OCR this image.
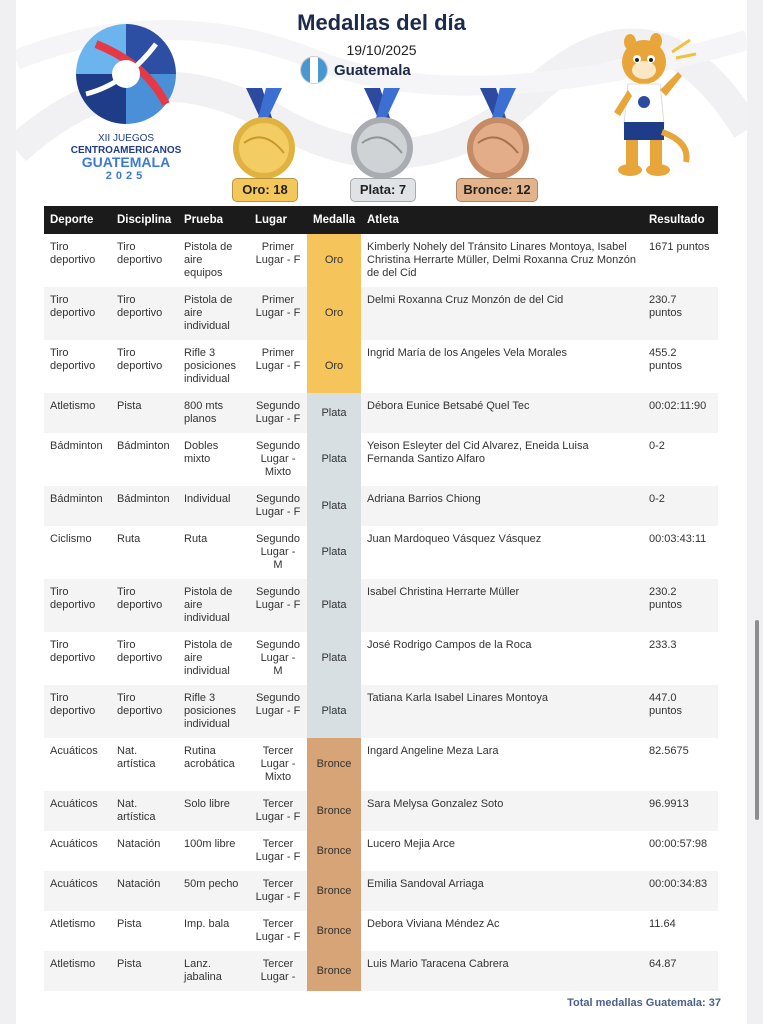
XII JUEGOS
CENTROAMERICANOS
GUATEMALA
2025
Medallas del día
19/10/2025
Guatemala
Oro: 18	Plata: 7	Bronce: 12
Deporte	Disciplina	Prueba	Lugar	Medalla	Atleta	Resultado
Tiro deportivo	Tiro deportivo	Pistola de aire equipos	Primer Lugar - F	Oro	Kimberly Nohely del Tránsito Linares Montoya, Isabel Christina Herrarte Müller, Delmi Roxanna Cruz Monzón de del Cid	1671 puntos
Tiro deportivo	Tiro deportivo	Pistola de aire individual	Primer Lugar - F	Oro	Delmi Roxanna Cruz Monzón de del Cid	230.7 puntos
Tiro deportivo	Tiro deportivo	Rifle 3 posiciones individual	Primer Lugar - F	Oro	Ingrid María de los Angeles Vela Morales	455.2 puntos
Atletismo	Pista	800 mts planos	Segundo Lugar - F	Plata	Débora Eunice Betsabé Quel Tec	00:02:11:90
Bádminton	Bádminton	Dobles mixto	Segundo Lugar - Mixto	Plata	Yeison Esleyter del Cid Alvarez, Eneida Luisa Fernanda Santizo Alfaro	0-2
Bádminton	Bádminton	Individual	Segundo Lugar - F	Plata	Adriana Barrios Chiong	0-2
Ciclismo	Ruta	Ruta	Segundo Lugar - M	Plata	Juan Mardoqueo Vásquez Vásquez	00:03:43:11
Tiro deportivo	Tiro deportivo	Pistola de aire individual	Segundo Lugar - F	Plata	Isabel Christina Herrarte Müller	230.2 puntos
Tiro deportivo	Tiro deportivo	Pistola de aire individual	Segundo Lugar - M	Plata	José Rodrigo Campos de la Roca	233.3
Tiro deportivo	Tiro deportivo	Rifle 3 posiciones individual	Segundo Lugar - F	Plata	Tatiana Karla Isabel Linares Montoya	447.0 puntos
Acuáticos	Nat. artística	Rutina acrobática	Tercer Lugar - Mixto	Bronce	Ingard Angeline Meza Lara	82.5675
Acuáticos	Nat. artística	Solo libre	Tercer Lugar - F	Bronce	Sara Melysa Gonzalez Soto	96.9913
Acuáticos	Natación	100m libre	Tercer Lugar - F	Bronce	Lucero Mejia Arce	00:00:57:98
Acuáticos	Natación	50m pecho	Tercer Lugar - F	Bronce	Emilia Sandoval Arriaga	00:00:34:83
Atletismo	Pista	Imp. bala	Tercer Lugar - F	Bronce	Debora Viviana Méndez Ac	11.64
Atletismo	Pista	Lanz. jabalina	Tercer Lugar -	Bronce	Luis Mario Taracena Cabrera	64.87
Total medallas Guatemala: 37
